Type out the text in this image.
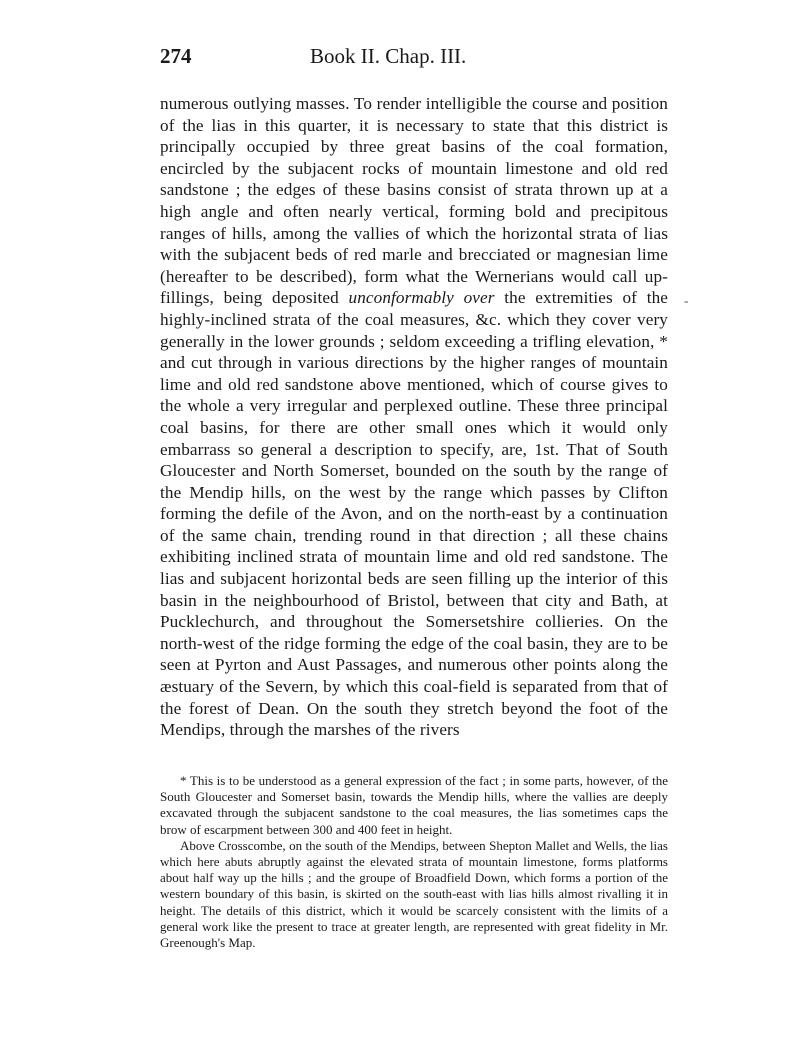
274	Book II. Chap. III.

numerous outlying masses. To render intelligible the course and position of the lias in this quarter, it is necessary to state that this district is principally occupied by three great basins of the coal formation, encircled by the subjacent rocks of mountain limestone and old red sandstone ; the edges of these basins consist of strata thrown up at a high angle and often nearly vertical, forming bold and precipitous ranges of hills, among the vallies of which the horizontal strata of lias with the subjacent beds of red marle and brecciated or magnesian lime (hereafter to be described), form what the Wernerians would call up-fillings, being deposited unconformably over the extremities of the highly-inclined strata of the coal measures, &c. which they cover very generally in the lower grounds ; seldom exceeding a trifling elevation, * and cut through in various directions by the higher ranges of mountain lime and old red sandstone above mentioned, which of course gives to the whole a very irregular and perplexed outline. These three principal coal basins, for there are other small ones which it would only embarrass so general a description to specify, are, 1st. That of South Gloucester and North Somerset, bounded on the south by the range of the Mendip hills, on the west by the range which passes by Clifton forming the defile of the Avon, and on the north-east by a continuation of the same chain, trending round in that direction ; all these chains exhibiting inclined strata of mountain lime and old red sandstone. The lias and subjacent horizontal beds are seen filling up the interior of this basin in the neighbourhood of Bristol, between that city and Bath, at Pucklechurch, and throughout the Somersetshire collieries. On the north-west of the ridge forming the edge of the coal basin, they are to be seen at Pyrton and Aust Passages, and numerous other points along the æstuary of the Severn, by which this coal-field is separated from that of the forest of Dean. On the south they stretch beyond the foot of the Mendips, through the marshes of the rivers

-

* This is to be understood as a general expression of the fact ; in some parts, however, of the South Gloucester and Somerset basin, towards the Mendip hills, where the vallies are deeply excavated through the subjacent sandstone to the coal measures, the lias sometimes caps the brow of escarpment between 300 and 400 feet in height.

Above Crosscombe, on the south of the Mendips, between Shepton Mallet and Wells, the lias which here abuts abruptly against the elevated strata of mountain limestone, forms platforms about half way up the hills ; and the groupe of Broadfield Down, which forms a portion of the western boundary of this basin, is skirted on the south-east with lias hills almost rivalling it in height. The details of this district, which it would be scarcely consistent with the limits of a general work like the present to trace at greater length, are represented with great fidelity in Mr. Greenough's Map.
